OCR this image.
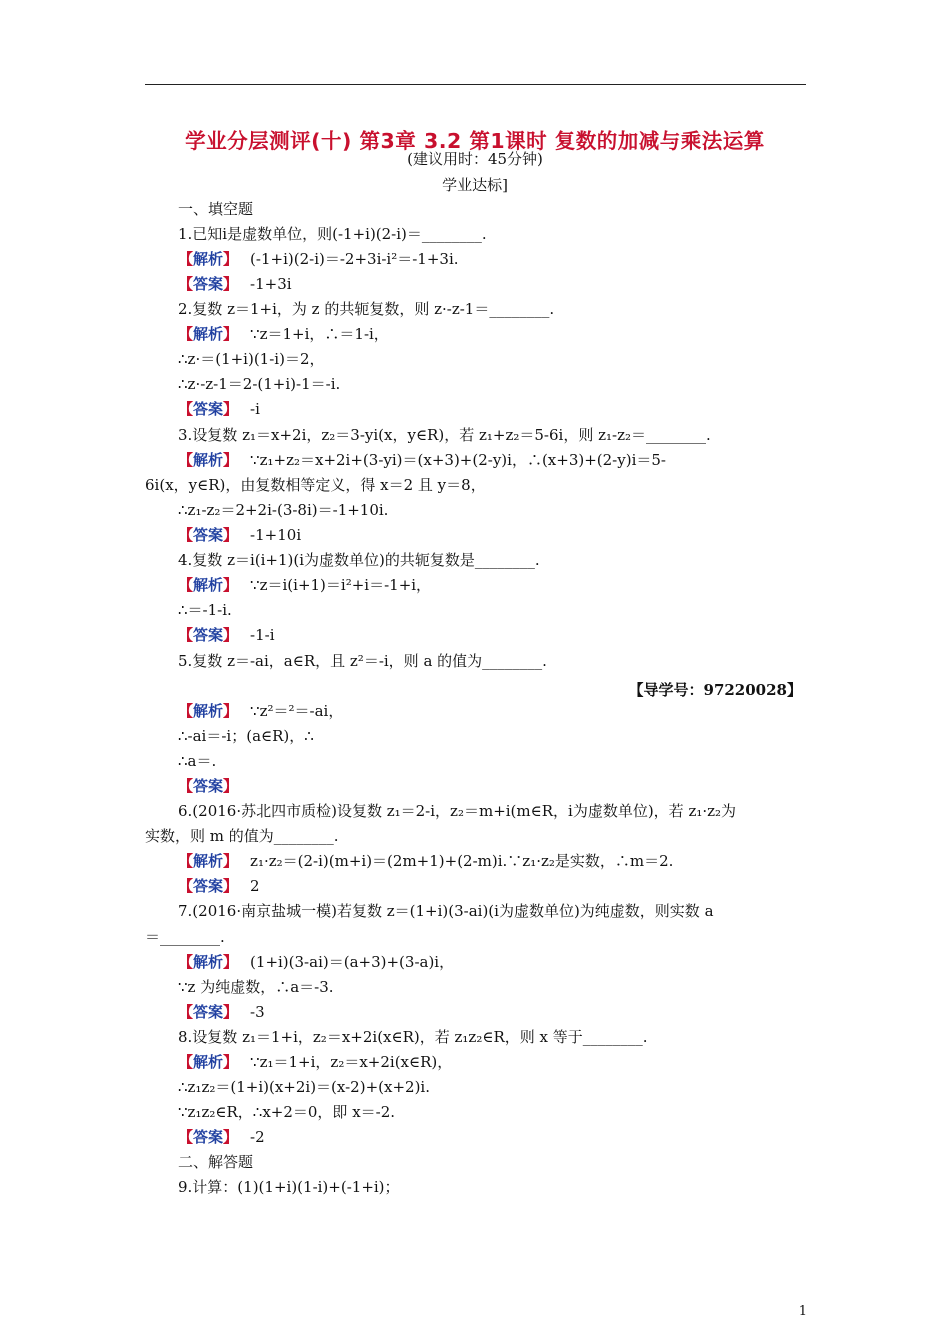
学业分层测评(十) 第3章 3.2 第1课时 复数的加减与乘法运算
(建议用时：45分钟)
学业达标]
一、填空题
1.已知i是虚数单位，则(-1+i)(2-i)＝________.
【解析】 (-1+i)(2-i)＝-2+3i-i²＝-1+3i.
【答案】 -1+3i
2.复数 z＝1+i，为 z 的共轭复数，则 z·-z-1＝________.
【解析】 ∵z＝1+i，∴＝1-i，
∴z·＝(1+i)(1-i)＝2，
∴z·-z-1＝2-(1+i)-1＝-i.
【答案】 -i
3.设复数 z₁＝x+2i，z₂＝3-yi(x，y∈R)，若 z₁+z₂＝5-6i，则 z₁-z₂＝________.
【解析】 ∵z₁+z₂＝x+2i+(3-yi)＝(x+3)+(2-y)i，∴(x+3)+(2-y)i＝5-
6i(x，y∈R)，由复数相等定义，得 x＝2 且 y＝8，
∴z₁-z₂＝2+2i-(3-8i)＝-1+10i.
【答案】 -1+10i
4.复数 z＝i(i+1)(i为虚数单位)的共轭复数是________.
【解析】 ∵z＝i(i+1)＝i²+i＝-1+i，
∴＝-1-i.
【答案】 -1-i
5.复数 z＝-ai，a∈R，且 z²＝-i，则 a 的值为________.
【解析】 ∵z²＝²＝-ai，
∴-ai＝-i；(a∈R)，∴
∴a＝.
【答案】
6.(2016·苏北四市质检)设复数 z₁＝2-i，z₂＝m+i(m∈R，i为虚数单位)，若 z₁·z₂为
实数，则 m 的值为________.
【解析】 z₁·z₂＝(2-i)(m+i)＝(2m+1)+(2-m)i.∵z₁·z₂是实数，∴m＝2.
【答案】 2
7.(2016·南京盐城一模)若复数 z＝(1+i)(3-ai)(i为虚数单位)为纯虚数，则实数 a
＝________.
【解析】 (1+i)(3-ai)＝(a+3)+(3-a)i，
∵z 为纯虚数，∴a＝-3.
【答案】 -3
8.设复数 z₁＝1+i，z₂＝x+2i(x∈R)，若 z₁z₂∈R，则 x 等于________.
【解析】 ∵z₁＝1+i，z₂＝x+2i(x∈R)，
∴z₁z₂＝(1+i)(x+2i)＝(x-2)+(x+2)i.
∵z₁z₂∈R，∴x+2＝0，即 x＝-2.
【答案】 -2
二、解答题
9.计算：(1)(1+i)(1-i)+(-1+i)；
【导学号：97220028】
1
